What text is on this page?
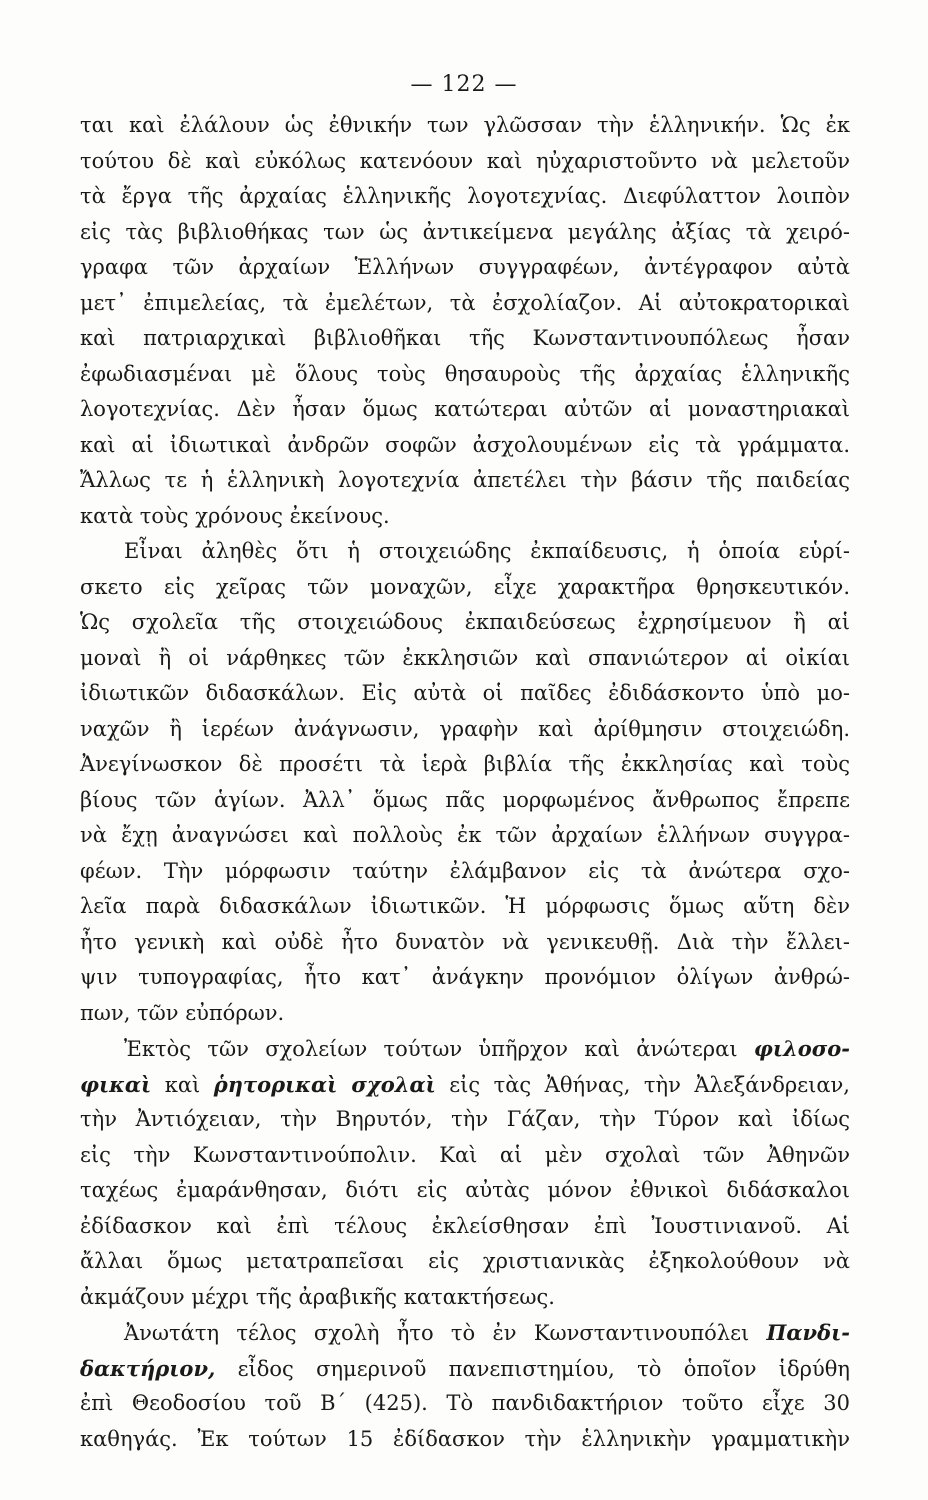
— 122 —
ται καὶ ἐλάλουν ὡς ἐθνικήν των γλῶσσαν τὴν ἑλληνικήν. Ὡς ἐκ
τούτου δὲ καὶ εὐκόλως κατενόουν καὶ ηὐχαριστοῦντο νὰ μελετοῦν
τὰ ἔργα τῆς ἀρχαίας ἑλληνικῆς λογοτεχνίας. Διεφύλαττον λοιπὸν
εἰς τὰς βιβλιοθήκας των ὡς ἀντικείμενα μεγάλης ἀξίας τὰ χειρό-
γραφα τῶν ἀρχαίων Ἑλλήνων συγγραφέων, ἀντέγραφον αὐτὰ
μετ᾿ ἐπιμελείας, τὰ ἐμελέτων, τὰ ἐσχολίαζον. Αἱ αὐτοκρατορικαὶ
καὶ πατριαρχικαὶ βιβλιοθῆκαι τῆς Κωνσταντινουπόλεως ἦσαν
ἐφωδιασμέναι μὲ ὅλους τοὺς θησαυροὺς τῆς ἀρχαίας ἑλληνικῆς
λογοτεχνίας. Δὲν ἦσαν ὅμως κατώτεραι αὐτῶν αἱ μοναστηριακαὶ
καὶ αἱ ἰδιωτικαὶ ἀνδρῶν σοφῶν ἀσχολουμένων εἰς τὰ γράμματα.
Ἄλλως τε ἡ ἑλληνικὴ λογοτεχνία ἀπετέλει τὴν βάσιν τῆς παιδείας
κατὰ τοὺς χρόνους ἐκείνους.
Εἶναι ἀληθὲς ὅτι ἡ στοιχειώδης ἐκπαίδευσις, ἡ ὁποία εὑρί-
σκετο εἰς χεῖρας τῶν μοναχῶν, εἶχε χαρακτῆρα θρησκευτικόν.
Ὡς σχολεῖα τῆς στοιχειώδους ἐκπαιδεύσεως ἐχρησίμευον ἢ αἱ
μοναὶ ἢ οἱ νάρθηκες τῶν ἐκκλησιῶν καὶ σπανιώτερον αἱ οἰκίαι
ἰδιωτικῶν διδασκάλων. Εἰς αὐτὰ οἱ παῖδες ἐδιδάσκοντο ὑπὸ μο-
ναχῶν ἢ ἱερέων ἀνάγνωσιν, γραφὴν καὶ ἀρίθμησιν στοιχειώδη.
Ἀνεγίνωσκον δὲ προσέτι τὰ ἱερὰ βιβλία τῆς ἐκκλησίας καὶ τοὺς
βίους τῶν ἁγίων. Ἀλλ᾿ ὅμως πᾶς μορφωμένος ἄνθρωπος ἔπρεπε
νὰ ἔχῃ ἀναγνώσει καὶ πολλοὺς ἐκ τῶν ἀρχαίων ἑλλήνων συγγρα-
φέων. Τὴν μόρφωσιν ταύτην ἐλάμβανον εἰς τὰ ἀνώτερα σχο-
λεῖα παρὰ διδασκάλων ἰδιωτικῶν. Ἡ μόρφωσις ὅμως αὕτη δὲν
ἦτο γενικὴ καὶ οὐδὲ ἦτο δυνατὸν νὰ γενικευθῇ. Διὰ τὴν ἔλλει-
ψιν τυπογραφίας, ἦτο κατ᾿ ἀνάγκην προνόμιον ὀλίγων ἀνθρώ-
πων, τῶν εὐπόρων.
Ἐκτὸς τῶν σχολείων τούτων ὑπῆρχον καὶ ἀνώτεραι φιλοσο-
φικαὶ καὶ ῥητορικαὶ σχολαὶ εἰς τὰς Ἀθήνας, τὴν Ἀλεξάνδρειαν,
τὴν Ἀντιόχειαν, τὴν Βηρυτόν, τὴν Γάζαν, τὴν Τύρον καὶ ἰδίως
εἰς τὴν Κωνσταντινούπολιν. Καὶ αἱ μὲν σχολαὶ τῶν Ἀθηνῶν
ταχέως ἐμαράνθησαν, διότι εἰς αὐτὰς μόνον ἐθνικοὶ διδάσκαλοι
ἐδίδασκον καὶ ἐπὶ τέλους ἐκλείσθησαν ἐπὶ Ἰουστινιανοῦ. Αἱ
ἄλλαι ὅμως μετατραπεῖσαι εἰς χριστιανικὰς ἐξηκολούθουν νὰ
ἀκμάζουν μέχρι τῆς ἀραβικῆς κατακτήσεως.
Ἀνωτάτη τέλος σχολὴ ἦτο τὸ ἐν Κωνσταντινουπόλει Πανδι-
δακτήριον, εἶδος σημερινοῦ πανεπιστημίου, τὸ ὁποῖον ἱδρύθη
ἐπὶ Θεοδοσίου τοῦ Β΄ (425). Τὸ πανδιδακτήριον τοῦτο εἶχε 30
καθηγάς. Ἐκ τούτων 15 ἐδίδασκον τὴν ἑλληνικὴν γραμματικὴν
